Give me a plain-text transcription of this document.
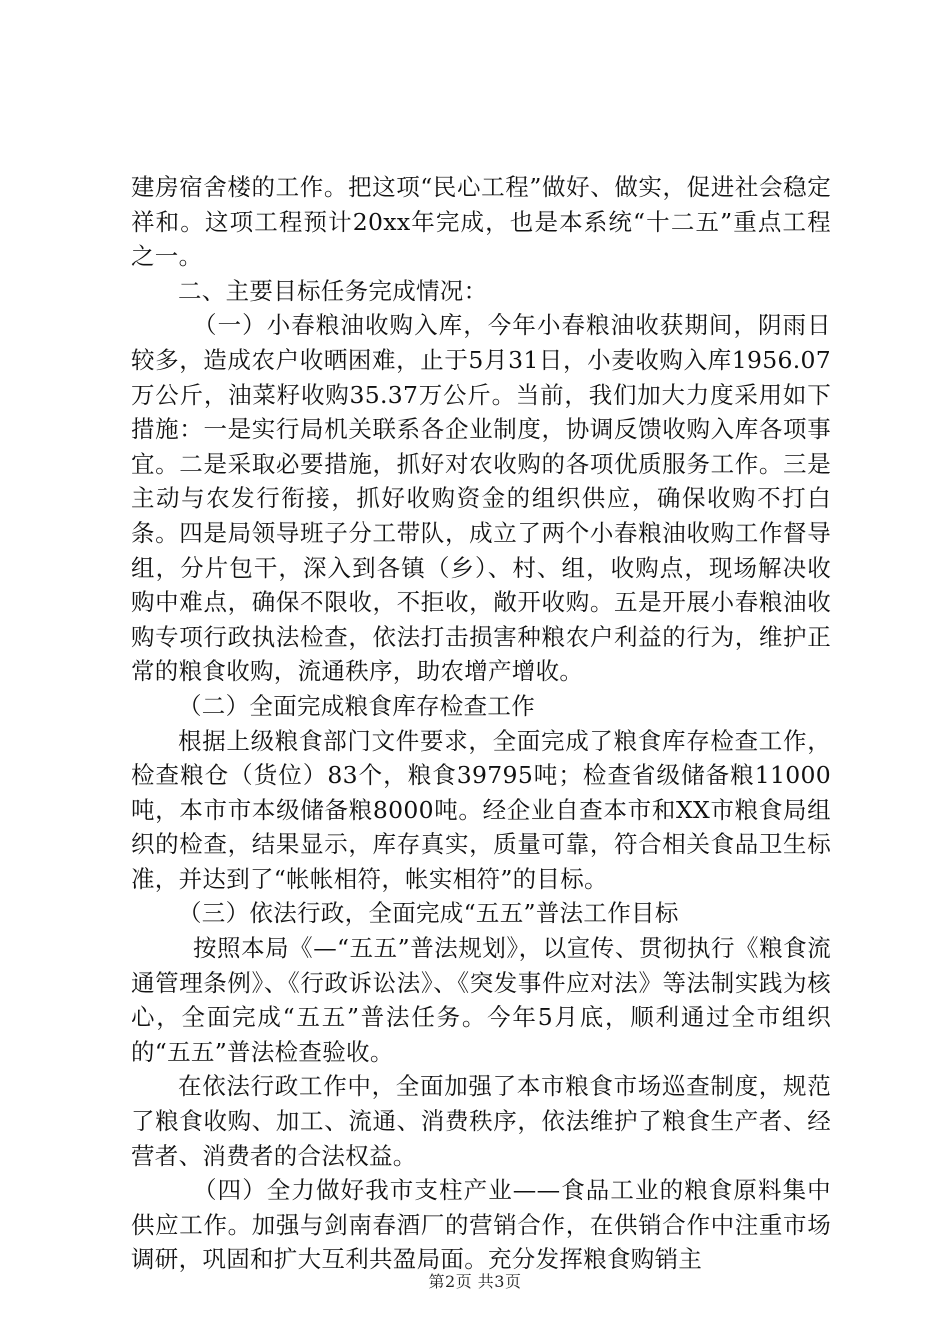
建房宿舍楼的工作。把这项“民心工程”做好、做实，促进社会稳定祥和。这项工程预计20xx年完成，也是本系统“十二五”重点工程之一。

二、主要目标任务完成情况：

（一）小春粮油收购入库，今年小春粮油收获期间，阴雨日较多，造成农户收晒困难，止于5月31日，小麦收购入库1956.07万公斤，油菜籽收购35.37万公斤。当前，我们加大力度采用如下措施：一是实行局机关联系各企业制度，协调反馈收购入库各项事宜。二是采取必要措施，抓好对农收购的各项优质服务工作。三是主动与农发行衔接，抓好收购资金的组织供应，确保收购不打白条。四是局领导班子分工带队，成立了两个小春粮油收购工作督导组，分片包干，深入到各镇（乡）、村、组，收购点，现场解决收购中难点，确保不限收，不拒收，敞开收购。五是开展小春粮油收购专项行政执法检查，依法打击损害种粮农户利益的行为，维护正常的粮食收购，流通秩序，助农增产增收。

（二）全面完成粮食库存检查工作

根据上级粮食部门文件要求，全面完成了粮食库存检查工作，检查粮仓（货位）83个，粮食39795吨；检查省级储备粮11000吨，本市市本级储备粮8000吨。经企业自查本市和XX市粮食局组织的检查，结果显示，库存真实，质量可靠，符合相关食品卫生标准，并达到了“帐帐相符，帐实相符”的目标。

（三）依法行政，全面完成“五五”普法工作目标

按照本局《—“五五”普法规划》，以宣传、贯彻执行《粮食流通管理条例》、《行政诉讼法》、《突发事件应对法》等法制实践为核心，全面完成“五五”普法任务。今年5月底，顺利通过全市组织的“五五”普法检查验收。

在依法行政工作中，全面加强了本市粮食市场巡查制度，规范了粮食收购、加工、流通、消费秩序，依法维护了粮食生产者、经营者、消费者的合法权益。

（四）全力做好我市支柱产业——食品工业的粮食原料集中供应工作。加强与剑南春酒厂的营销合作，在供销合作中注重市场调研，巩固和扩大互利共盈局面。充分发挥粮食购销主

第2页 共3页
